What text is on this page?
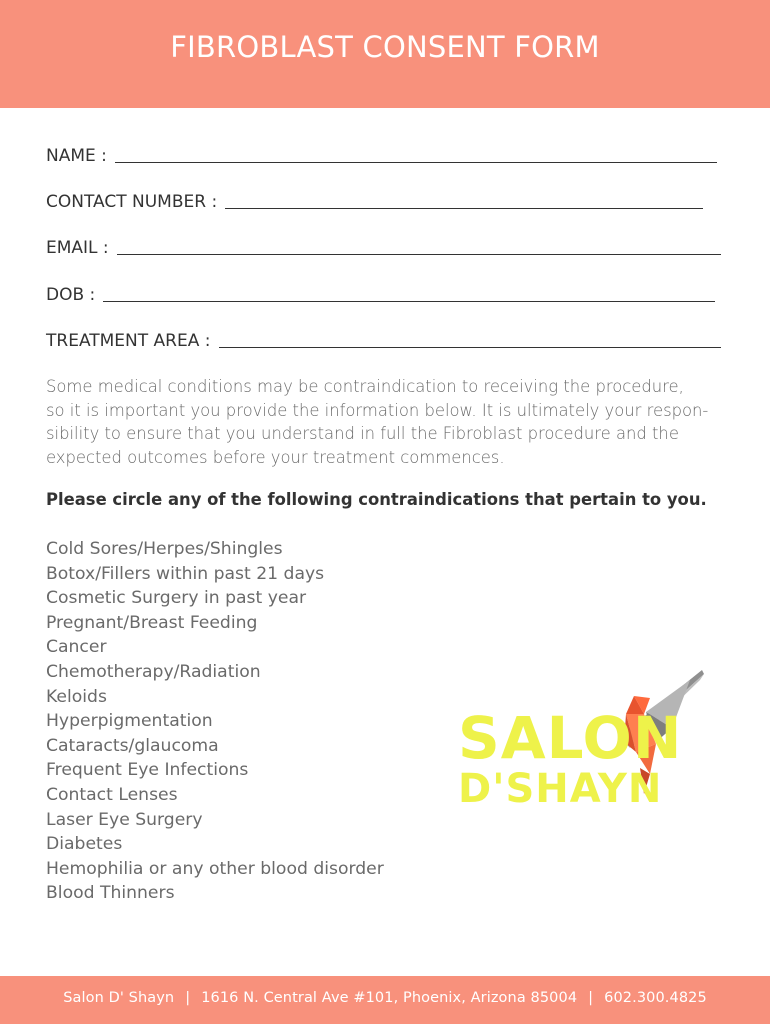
FIBROBLAST CONSENT FORM
NAME :
CONTACT NUMBER :
EMAIL :
DOB :
TREATMENT AREA :
Some medical conditions may be contraindication to receiving the procedure,
so it is important you provide the information below. It is ultimately your respon-
sibility to ensure that you understand in full the Fibroblast procedure and the
expected outcomes before your treatment commences.
Please circle any of the following contraindications that pertain to you.
Cold Sores/Herpes/Shingles
Botox/Fillers within past 21 days
Cosmetic Surgery in past year
Pregnant/Breast Feeding
Cancer
Chemotherapy/Radiation
Keloids
Hyperpigmentation
Cataracts/glaucoma
Frequent Eye Infections
Contact Lenses
Laser Eye Surgery
Diabetes
Hemophilia or any other blood disorder
Blood Thinners
SALON
D'SHAYN
Salon D' Shayn | 1616 N. Central Ave #101, Phoenix, Arizona 85004 | 602.300.4825
